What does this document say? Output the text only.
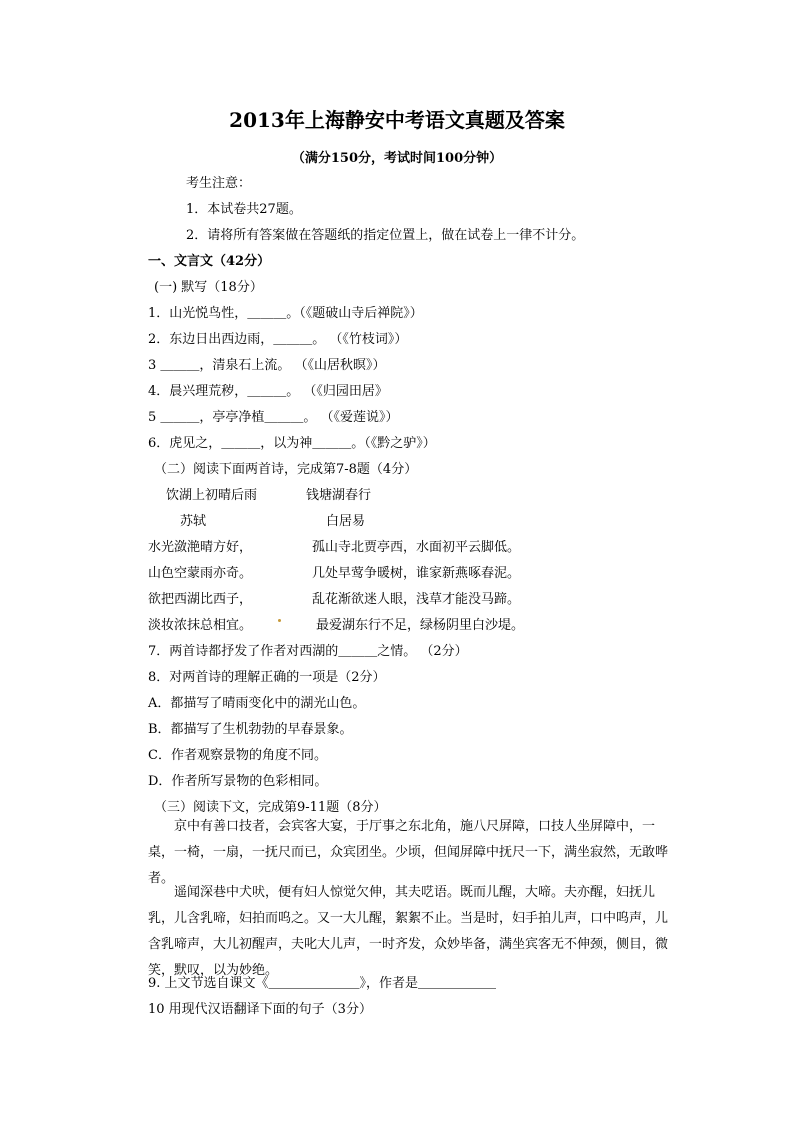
2013年上海静安中考语文真题及答案
（满分150分，考试时间100分钟）
考生注意：
1．本试卷共27题。
2．请将所有答案做在答题纸的指定位置上，做在试卷上一律不计分。
一、文言文（42分）
(一) 默写（18分）
1．山光悦鸟性，＿＿＿。（《题破山寺后禅院》）
2．东边日出西边雨，＿＿＿。 （《竹枝词》）
3 ＿＿＿，清泉石上流。 （《山居秋暝》）
4．晨兴理荒秽，＿＿＿。 （《归园田居》
5 ＿＿＿，亭亭净植＿＿＿。 （《爱莲说》）
6．虎见之，＿＿＿，以为神＿＿＿。（《黔之驴》）
（二）阅读下面两首诗，完成第7-8题（4分）
饮湖上初晴后雨	钱塘湖春行
苏轼	白居易
水光潋滟晴方好，	孤山寺北贾亭西，水面初平云脚低。
山色空蒙雨亦奇。	几处早莺争暖树，谁家新燕啄春泥。
欲把西湖比西子，	乱花渐欲迷人眼，浅草才能没马蹄。
淡妆浓抹总相宜。	最爱湖东行不足，绿杨阴里白沙堤。
7．两首诗都抒发了作者对西湖的＿＿＿之情。 （2分）
8．对两首诗的理解正确的一项是（2分）
A．都描写了晴雨变化中的湖光山色。
B．都描写了生机勃勃的早春景象。
C．作者观察景物的角度不同。
D．作者所写景物的色彩相同。
（三）阅读下文，完成第9-11题（8分）
京中有善口技者，会宾客大宴，于厅事之东北角，施八尺屏障，口技人坐屏障中，一桌，一椅，一扇，一抚尺而已，众宾团坐。少顷，但闻屏障中抚尺一下，满坐寂然，无敢哗者。
遥闻深巷中犬吠，便有妇人惊觉欠伸，其夫呓语。既而儿醒，大啼。夫亦醒，妇抚儿乳，儿含乳啼，妇拍而呜之。又一大儿醒，絮絮不止。当是时，妇手拍儿声，口中呜声，儿含乳啼声，大儿初醒声，夫叱大儿声，一时齐发，众妙毕备，满坐宾客无不伸颈，侧目，微笑，默叹，以为妙绝。
9. 上文节选自课文《＿＿＿＿＿＿＿》，作者是＿＿＿＿＿＿
10 用现代汉语翻译下面的句子（3分）
